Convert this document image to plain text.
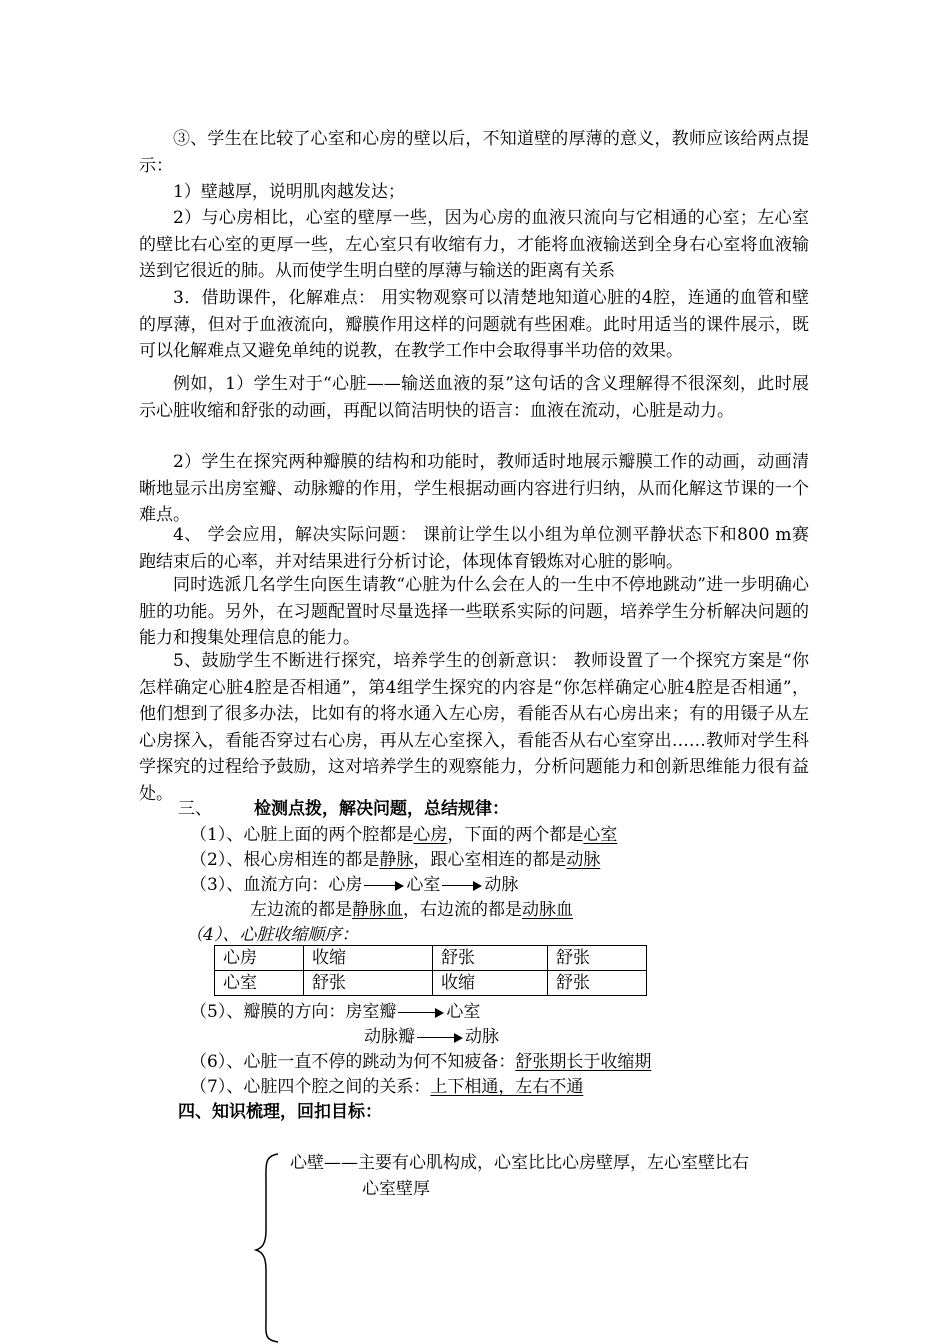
③、学生在比较了心室和心房的壁以后，不知道壁的厚薄的意义，教师应该给两点提示：

1）壁越厚，说明肌肉越发达；

2）与心房相比，心室的壁厚一些，因为心房的血液只流向与它相通的心室；左心室的壁比右心室的更厚一些，左心室只有收缩有力，才能将血液输送到全身右心室将血液输送到它很近的肺。从而使学生明白壁的厚薄与输送的距离有关系

3．借助课件，化解难点： 用实物观察可以清楚地知道心脏的4腔，连通的血管和壁的厚薄，但对于血液流向，瓣膜作用这样的问题就有些困难。此时用适当的课件展示，既可以化解难点又避免单纯的说教，在教学工作中会取得事半功倍的效果。

例如，1）学生对于“心脏——输送血液的泵”这句话的含义理解得不很深刻，此时展示心脏收缩和舒张的动画，再配以简洁明快的语言：血液在流动，心脏是动力。

2）学生在探究两种瓣膜的结构和功能时，教师适时地展示瓣膜工作的动画，动画清晰地显示出房室瓣、动脉瓣的作用，学生根据动画内容进行归纳，从而化解这节课的一个难点。

4、 学会应用，解决实际问题： 课前让学生以小组为单位测平静状态下和800 m赛跑结束后的心率，并对结果进行分析讨论，体现体育锻炼对心脏的影响。

同时选派几名学生向医生请教“心脏为什么会在人的一生中不停地跳动”进一步明确心脏的功能。另外，在习题配置时尽量选择一些联系实际的问题，培养学生分析解决问题的能力和搜集处理信息的能力。

5、鼓励学生不断进行探究，培养学生的创新意识： 教师设置了一个探究方案是“你怎样确定心脏4腔是否相通”，第4组学生探究的内容是“你怎样确定心脏4腔是否相通”，他们想到了很多办法，比如有的将水通入左心房，看能否从右心房出来；有的用镊子从左心房探入，看能否穿过右心房，再从左心室探入，看能否从右心室穿出……教师对学生科学探究的过程给予鼓励，这对培养学生的观察能力，分析问题能力和创新思维能力很有益处。

三、 检测点拨，解决问题，总结规律：
（1）、心脏上面的两个腔都是心房，下面的两个都是心室
（2）、根心房相连的都是静脉，跟心室相连的都是动脉
（3）、血流方向：心房	心室	动脉
左边流的都是静脉血，右边流的都是动脉血
（4）、心脏收缩顺序：
心房	收缩	舒张	舒张
心室	舒张	收缩	舒张
（5）、瓣膜的方向：房室瓣	心室
动脉瓣	动脉
（6）、心脏一直不停的跳动为何不知疲备：舒张期长于收缩期
（7）、心脏四个腔之间的关系：上下相通，左右不通
四、知识梳理，回扣目标：
心壁——主要有心肌构成，心室比比心房壁厚，左心室壁比右
心室壁厚
